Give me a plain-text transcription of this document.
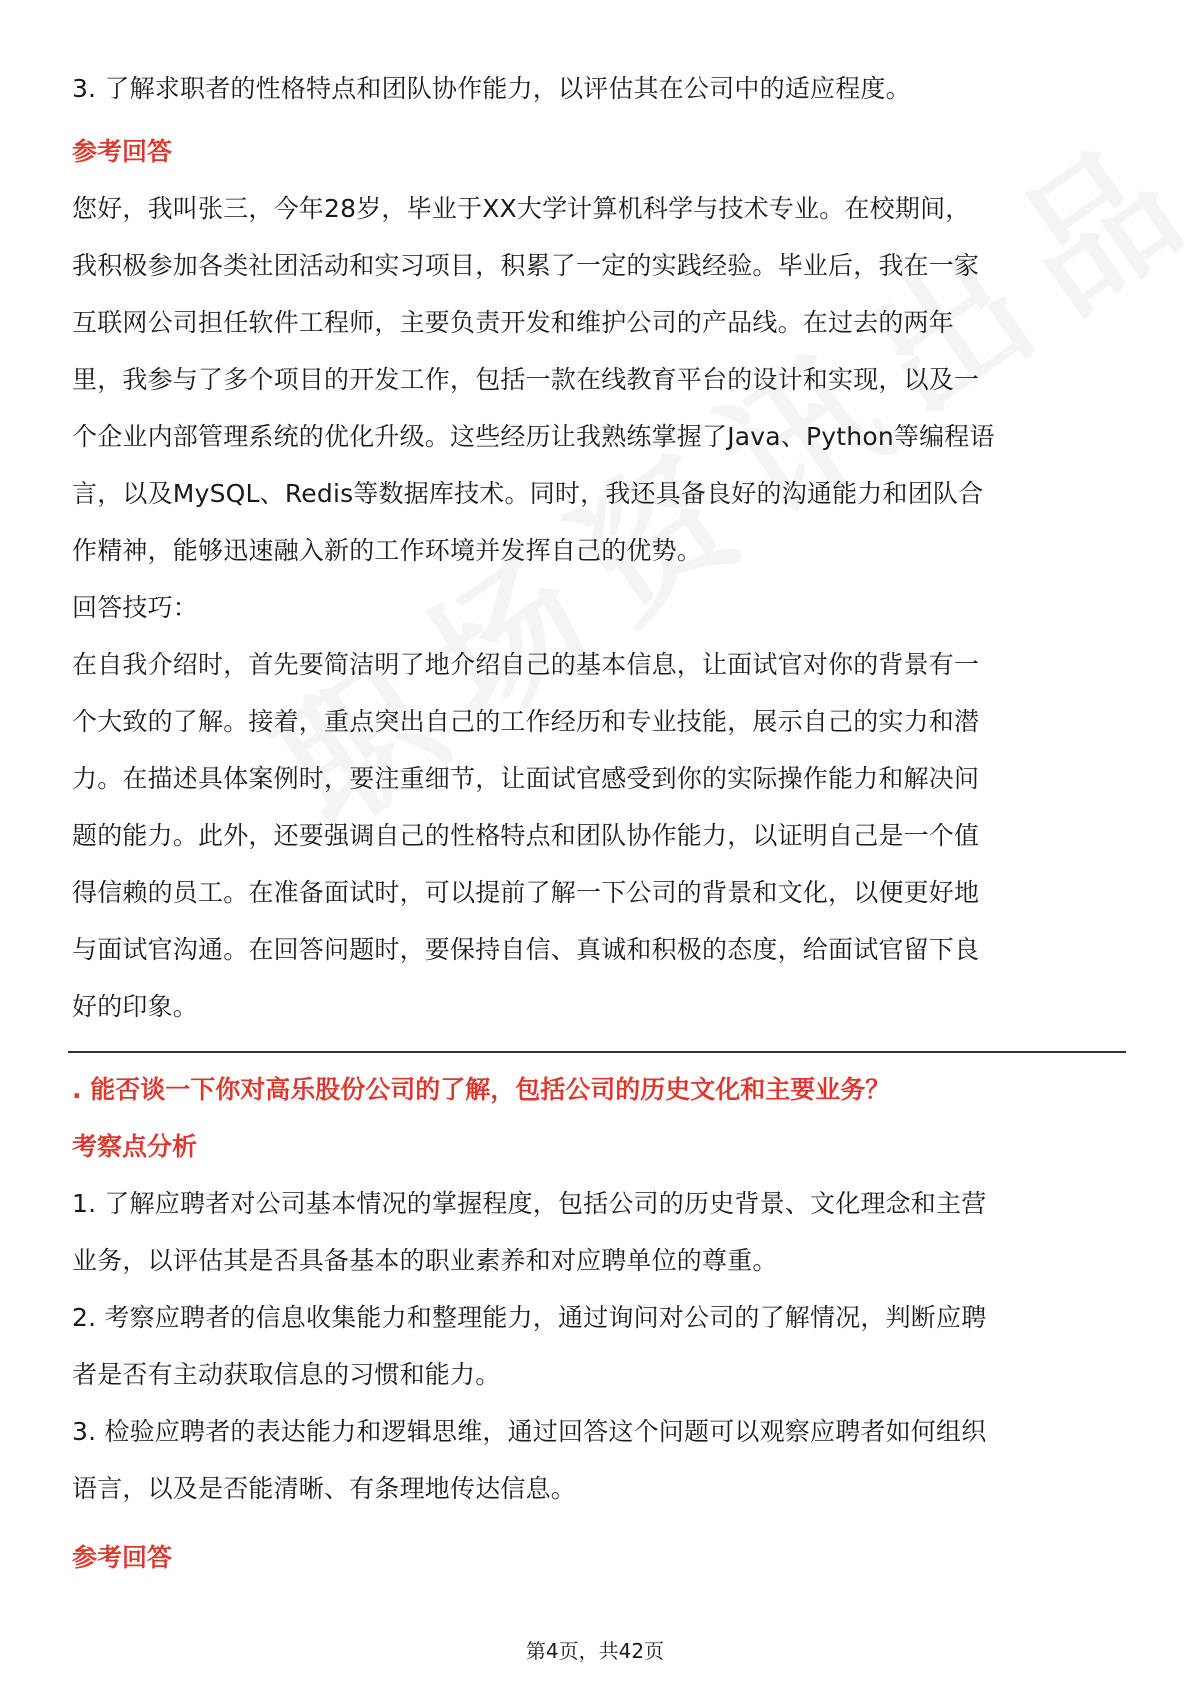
3. 了解求职者的性格特点和团队协作能力，以评估其在公司中的适应程度。
参考回答
您好，我叫张三，今年28岁，毕业于XX大学计算机科学与技术专业。在校期间，
我积极参加各类社团活动和实习项目，积累了一定的实践经验。毕业后，我在一家
互联网公司担任软件工程师，主要负责开发和维护公司的产品线。在过去的两年
里，我参与了多个项目的开发工作，包括一款在线教育平台的设计和实现，以及一
个企业内部管理系统的优化升级。这些经历让我熟练掌握了Java、Python等编程语
言，以及MySQL、Redis等数据库技术。同时，我还具备良好的沟通能力和团队合
作精神，能够迅速融入新的工作环境并发挥自己的优势。
回答技巧：
在自我介绍时，首先要简洁明了地介绍自己的基本信息，让面试官对你的背景有一
个大致的了解。接着，重点突出自己的工作经历和专业技能，展示自己的实力和潜
力。在描述具体案例时，要注重细节，让面试官感受到你的实际操作能力和解决问
题的能力。此外，还要强调自己的性格特点和团队协作能力，以证明自己是一个值
得信赖的员工。在准备面试时，可以提前了解一下公司的背景和文化，以便更好地
与面试官沟通。在回答问题时，要保持自信、真诚和积极的态度，给面试官留下良
好的印象。
. 能否谈一下你对高乐股份公司的了解，包括公司的历史文化和主要业务？
考察点分析
1. 了解应聘者对公司基本情况的掌握程度，包括公司的历史背景、文化理念和主营
业务，以评估其是否具备基本的职业素养和对应聘单位的尊重。
2. 考察应聘者的信息收集能力和整理能力，通过询问对公司的了解情况，判断应聘
者是否有主动获取信息的习惯和能力。
3. 检验应聘者的表达能力和逻辑思维，通过回答这个问题可以观察应聘者如何组织
语言，以及是否能清晰、有条理地传达信息。
参考回答
第4页，共42页
